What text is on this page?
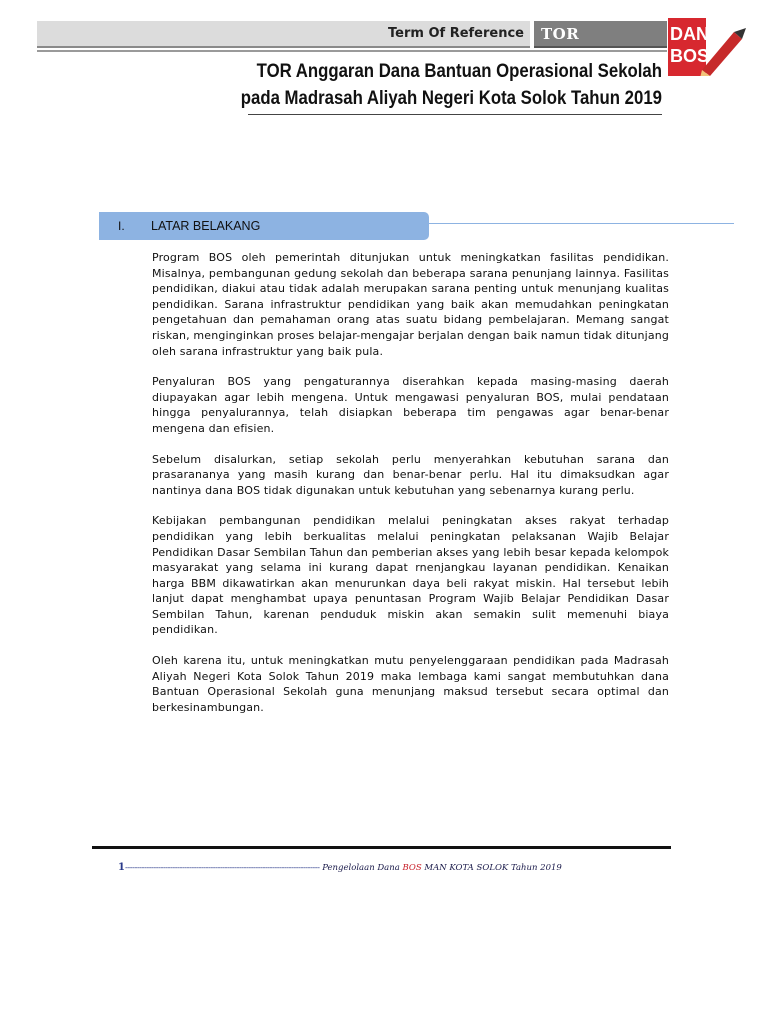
Term Of Reference TOR	DANA
BOS
TOR Anggaran Dana Bantuan Operasional Sekolah
pada Madrasah Aliyah Negeri Kota Solok Tahun 2019
I. LATAR BELAKANG

Program BOS oleh pemerintah ditunjukan untuk meningkatkan fasilitas pendidikan. Misalnya, pembangunan gedung sekolah dan beberapa sarana penunjang lainnya. Fasilitas pendidikan, diakui atau tidak adalah merupakan sarana penting untuk menunjang kualitas pendidikan. Sarana infrastruktur pendidikan yang baik akan memudahkan peningkatan pengetahuan dan pemahaman orang atas suatu bidang pembelajaran. Memang sangat riskan, menginginkan proses belajar-mengajar berjalan dengan baik namun tidak ditunjang oleh sarana infrastruktur yang baik pula.

Penyaluran BOS yang pengaturannya diserahkan kepada masing-masing daerah diupayakan agar lebih mengena. Untuk mengawasi penyaluran BOS, mulai pendataan hingga penyalurannya, telah disiapkan beberapa tim pengawas agar benar-benar mengena dan efisien.

Sebelum disalurkan, setiap sekolah perlu menyerahkan kebutuhan sarana dan prasarananya yang masih kurang dan benar-benar perlu. Hal itu dimaksudkan agar nantinya dana BOS tidak digunakan untuk kebutuhan yang sebenarnya kurang perlu.

Kebijakan pembangunan pendidikan melalui peningkatan akses rakyat terhadap pendidikan yang lebih berkualitas melalui peningkatan pelaksanan Wajib Belajar Pendidikan Dasar Sembilan Tahun dan pemberian akses yang lebih besar kepada kelompok masyarakat yang selama ini kurang dapat rnenjangkau layanan pendidikan. Kenaikan harga BBM dikawatirkan akan menurunkan daya beli rakyat miskin. Hal tersebut lebih lanjut dapat menghambat upaya penuntasan Program Wajib Belajar Pendidikan Dasar Sembilan Tahun, karenan penduduk miskin akan semakin sulit memenuhi biaya pendidikan.

Oleh karena itu, untuk meningkatkan mutu penyelenggaraan pendidikan pada Madrasah Aliyah Negeri Kota Solok Tahun 2019 maka lembaga kami sangat membutuhkan dana Bantuan Operasional Sekolah guna menunjang maksud tersebut secara optimal dan berkesinambungan.

1---------------------------------------------------------------------------------- Pengelolaan Dana BOS MAN KOTA SOLOK Tahun 2019
